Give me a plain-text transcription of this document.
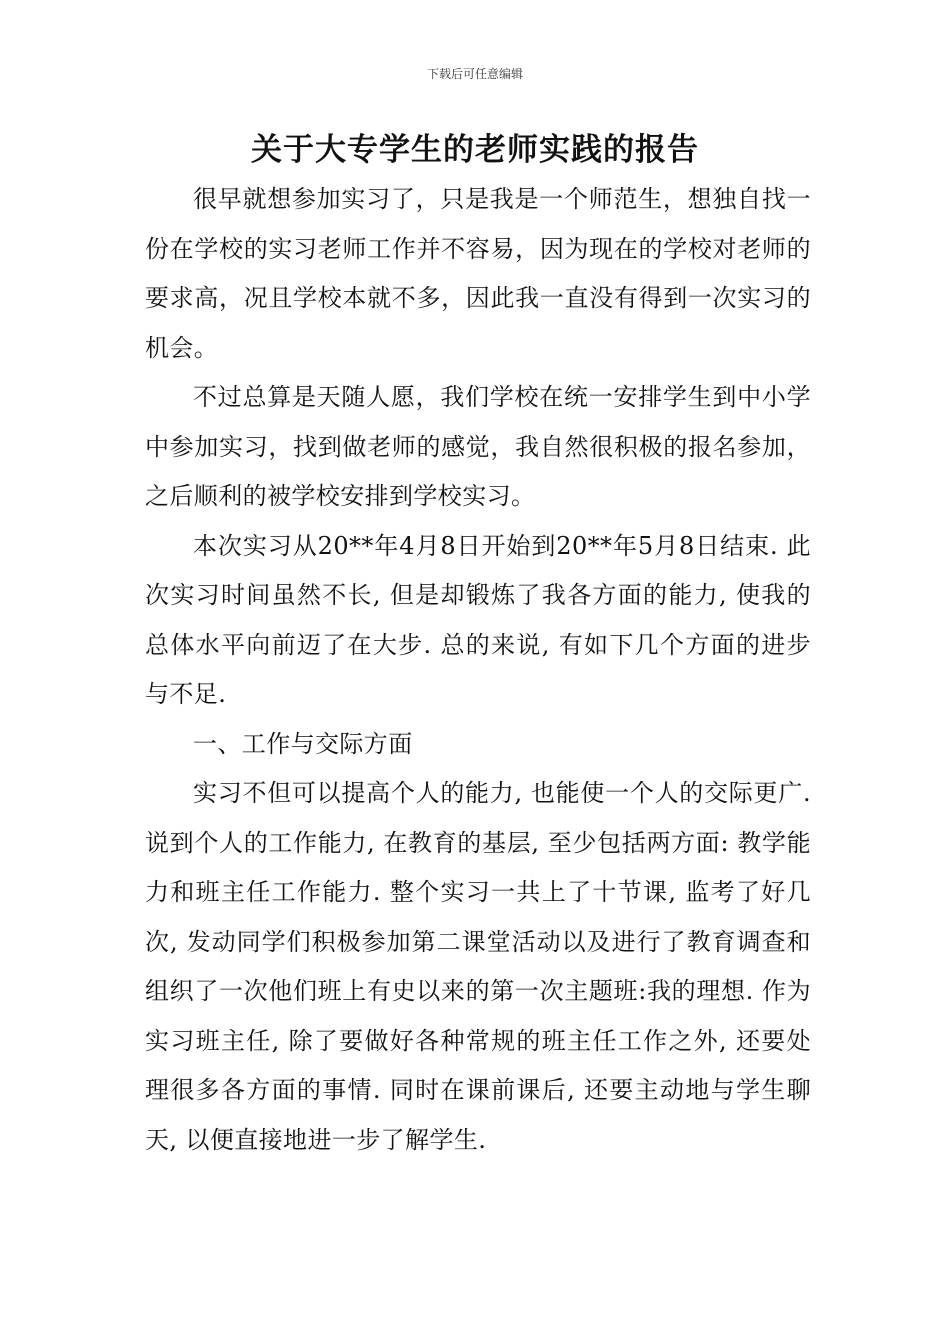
下载后可任意编辑
关于大专学生的老师实践的报告

很早就想参加实习了，只是我是一个师范生，想独自找一份在学校的实习老师工作并不容易，因为现在的学校对老师的要求高，况且学校本就不多，因此我一直没有得到一次实习的机会。

不过总算是天随人愿，我们学校在统一安排学生到中小学中参加实习，找到做老师的感觉，我自然很积极的报名参加，之后顺利的被学校安排到学校实习。

本次实习从20**年4月8日开始到20**年5月8日结束. 此次实习时间虽然不长, 但是却锻炼了我各方面的能力, 使我的总体水平向前迈了在大步. 总的来说, 有如下几个方面的进步与不足.

一、工作与交际方面

实习不但可以提高个人的能力, 也能使一个人的交际更广. 说到个人的工作能力, 在教育的基层, 至少包括两方面: 教学能力和班主任工作能力. 整个实习一共上了十节课, 监考了好几次, 发动同学们积极参加第二课堂活动以及进行了教育调查和组织了一次他们班上有史以来的第一次主题班:我的理想. 作为实习班主任, 除了要做好各种常规的班主任工作之外, 还要处理很多各方面的事情. 同时在课前课后, 还要主动地与学生聊天, 以便直接地进一步了解学生.
